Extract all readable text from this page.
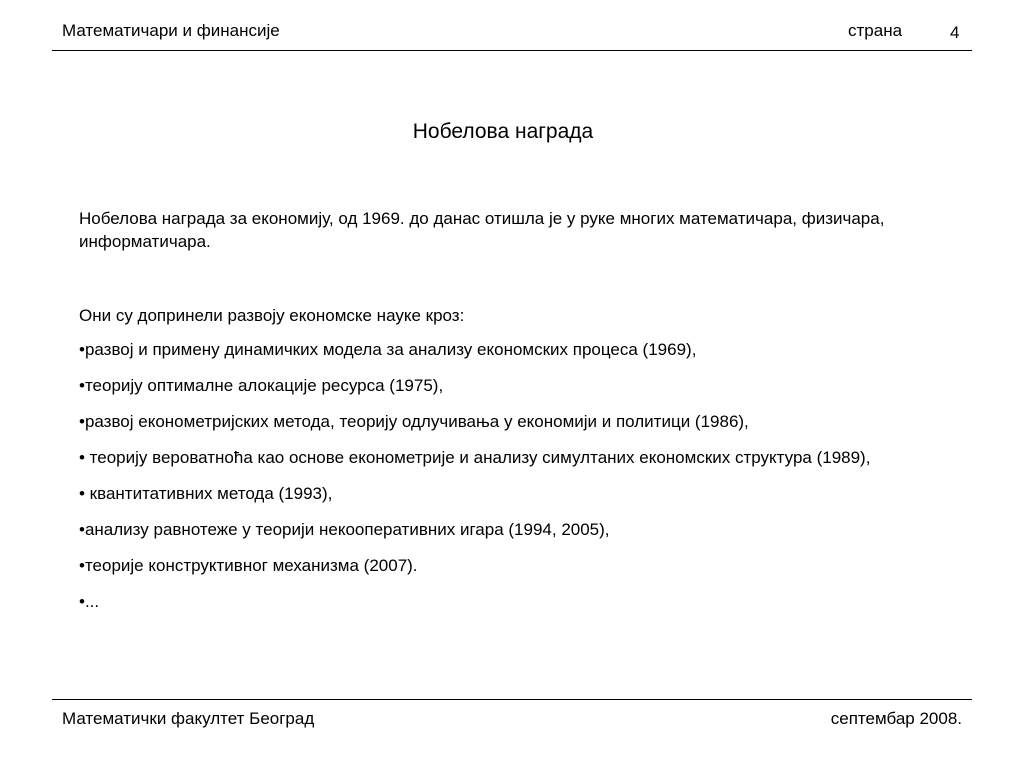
Математичари и финансије	страна	4
Нобелова награда
Нобелова награда за економију, од 1969. до данас отишла је у руке многих математичара, физичара, информатичара.
Они су допринели развоју економске науке кроз:
•развој и примену динамичких модела за анализу економских процеса (1969),
•теорију оптималне алокације ресурса (1975),
•развој економетријских метода, теорију одлучивања у економији и политици (1986),
• теорију вероватноћа као основе економетрије и анализу симултаних економских структура (1989),
• квантитативних метода (1993),
•анализу равнотеже у теорији некооперативних игара (1994, 2005),
•теорије конструктивног механизма (2007).
•...
Математички факултет Београд	септембар 2008.
